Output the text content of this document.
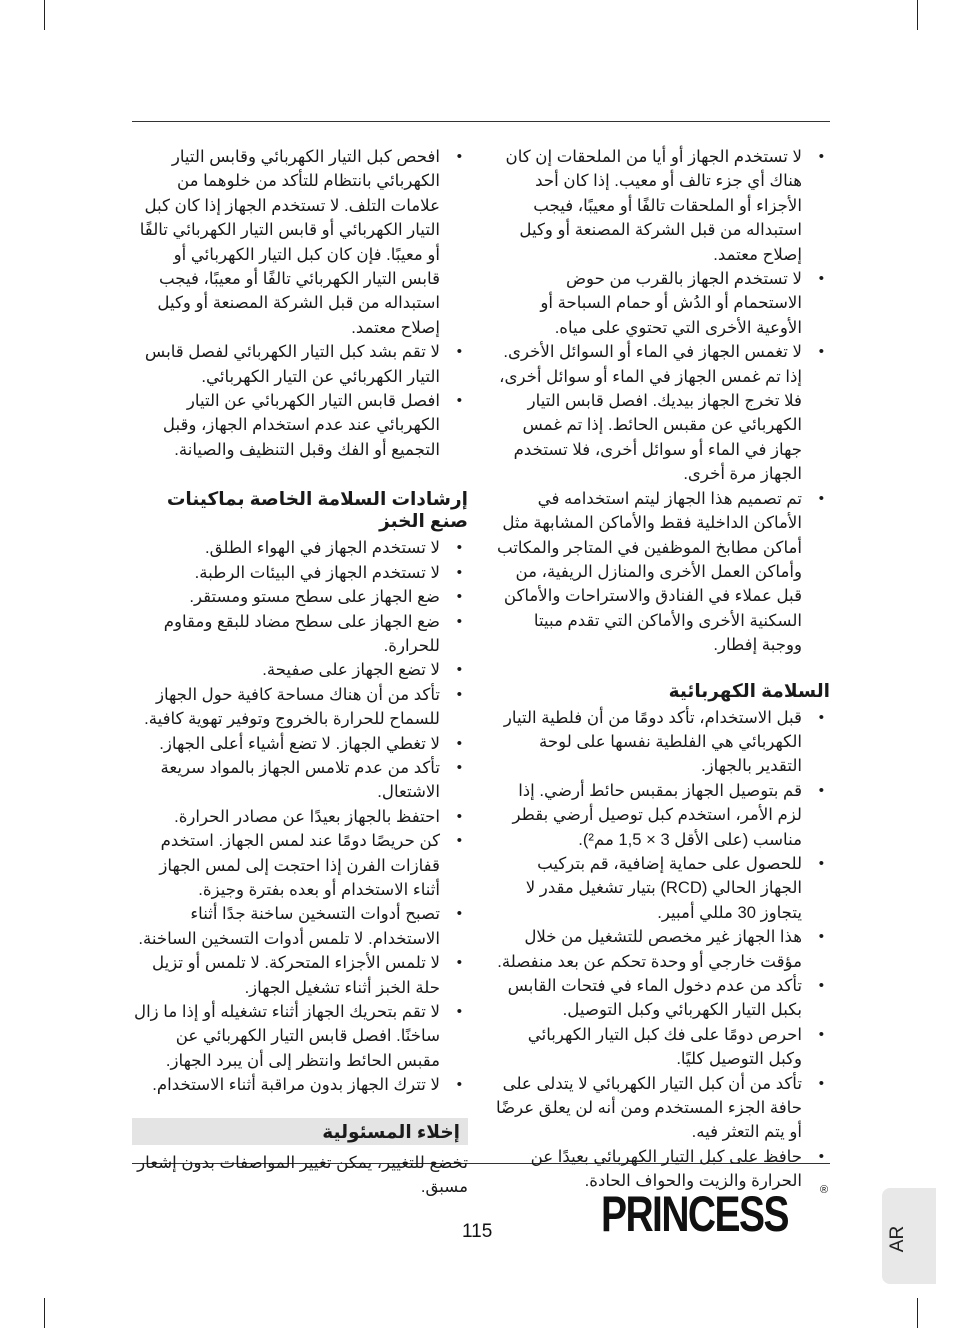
• لا تستخدم الجهاز أو أيا من الملحقات إن كان هناك أي جزء تالف أو معيب. إذا كان أحد الأجزاء أو الملحقات تالفًا أو معيبًا، فيجب استبداله من قبل الشركة المصنعة أو وكيل إصلاح معتمد.
• لا تستخدم الجهاز بالقرب من حوض الاستحمام أو الدُش أو حمام السباحة أو الأوعية الأخرى التي تحتوي على مياه.
• لا تغمس الجهاز في الماء أو السوائل الأخرى. إذا تم غمس الجهاز في الماء أو سوائل أخرى، فلا تخرج الجهاز بيديك. افصل قابس التيار الكهربائي عن مقبس الحائط. إذا تم غمس جهاز في الماء أو سوائل أخرى، فلا تستخدم الجهاز مرة أخرى.
• تم تصميم هذا الجهاز ليتم استخدامه في الأماكن الداخلية فقط والأماكن المشابهة مثل أماكن مطابخ الموظفين في المتاجر والمكاتب وأماكن العمل الأخرى والمنازل الريفية، من قبل عملاء في الفنادق والاستراحات والأماكن السكنية الأخرى والأماكن التي تقدم مبيتا ووجبة إفطار.
السلامة الكهربائية
• قبل الاستخدام، تأكد دومًا من أن فلطية التيار الكهربائي هي الفلطية نفسها على لوحة التقدير بالجهاز.
• قم بتوصيل الجهاز بمقبس حائط أرضي. إذا لزم الأمر، استخدم كبل توصيل أرضي بقطر مناسب (على الأقل 3 × 1,5 مم²).
• للحصول على حماية إضافية، قم بتركيب الجهاز الحالي (RCD) بتيار تشغيل مقدر لا يتجاوز 30 مللي أمبير.
• هذا الجهاز غير مخصص للتشغيل من خلال مؤقت خارجي أو وحدة تحكم عن بعد منفصلة.
• تأكد من عدم دخول الماء في فتحات القابس بكبل التيار الكهربائي وكبل التوصيل.
• احرص دومًا على فك كبل التيار الكهربائي وكبل التوصيل كليًا.
• تأكد من أن كبل التيار الكهربائي لا يتدلى على حافة الجزء المستخدم ومن أنه لن يعلق عرضًا أو يتم التعثر فيه.
• حافظ على كبل التيار الكهربائي بعيدًا عن الحرارة والزيت والحواف الحادة.
• افحص كبل التيار الكهربائي وقابس التيار الكهربائي بانتظام للتأكد من خلوهما من علامات التلف. لا تستخدم الجهاز إذا كان كبل التيار الكهربائي أو قابس التيار الكهربائي تالفًا أو معيبًا. فإن كان كبل التيار الكهربائي أو قابس التيار الكهربائي تالفًا أو معيبًا، فيجب استبداله من قبل الشركة المصنعة أو وكيل إصلاح معتمد.
• لا تقم بشد كبل التيار الكهربائي لفصل قابس التيار الكهربائي عن التيار الكهربائي.
• افصل قابس التيار الكهربائي عن التيار الكهربائي عند عدم استخدام الجهاز، وقبل التجميع أو الفك وقبل التنظيف والصيانة.
إرشادات السلامة الخاصة بماكينات صنع الخبز
• لا تستخدم الجهاز في الهواء الطلق.
• لا تستخدم الجهاز في البيئات الرطبة.
• ضع الجهاز على سطح مستو ومستقر.
• ضع الجهاز على سطح مضاد للبقع ومقاوم للحرارة.
• لا تضع الجهاز على صفيحة.
• تأكد من أن هناك مساحة كافية حول الجهاز للسماح للحرارة بالخروج وتوفير تهوية كافية.
• لا تغطي الجهاز. لا تضع أشياء أعلى الجهاز.
• تأكد من عدم تلامس الجهاز بالمواد سريعة الاشتعال.
• احتفظ بالجهاز بعيدًا عن مصادر الحرارة.
• كن حريصًا دومًا عند لمس الجهاز. استخدم قفازات الفرن إذا احتجت إلى لمس الجهاز أثناء الاستخدام أو بعده بفترة وجيزة.
• تصبح أدوات التسخين ساخنة جدًا أثناء الاستخدام. لا تلمس أدوات التسخين الساخنة.
• لا تلمس الأجزاء المتحركة. لا تلمس أو تزيل حلة الخبز أثناء تشغيل الجهاز.
• لا تقم بتحريك الجهاز أثناء تشغيله أو إذا ما زال ساخنًا. افصل قابس التيار الكهربائي عن مقبس الحائط وانتظر إلى أن يبرد الجهاز.
• لا تترك الجهاز بدون مراقبة أثناء الاستخدام.
إخلاء المسئولية
تخضع للتغيير، يمكن تغيير المواصفات بدون إشعار مسبق.
115 PRINCESS	®
AR
